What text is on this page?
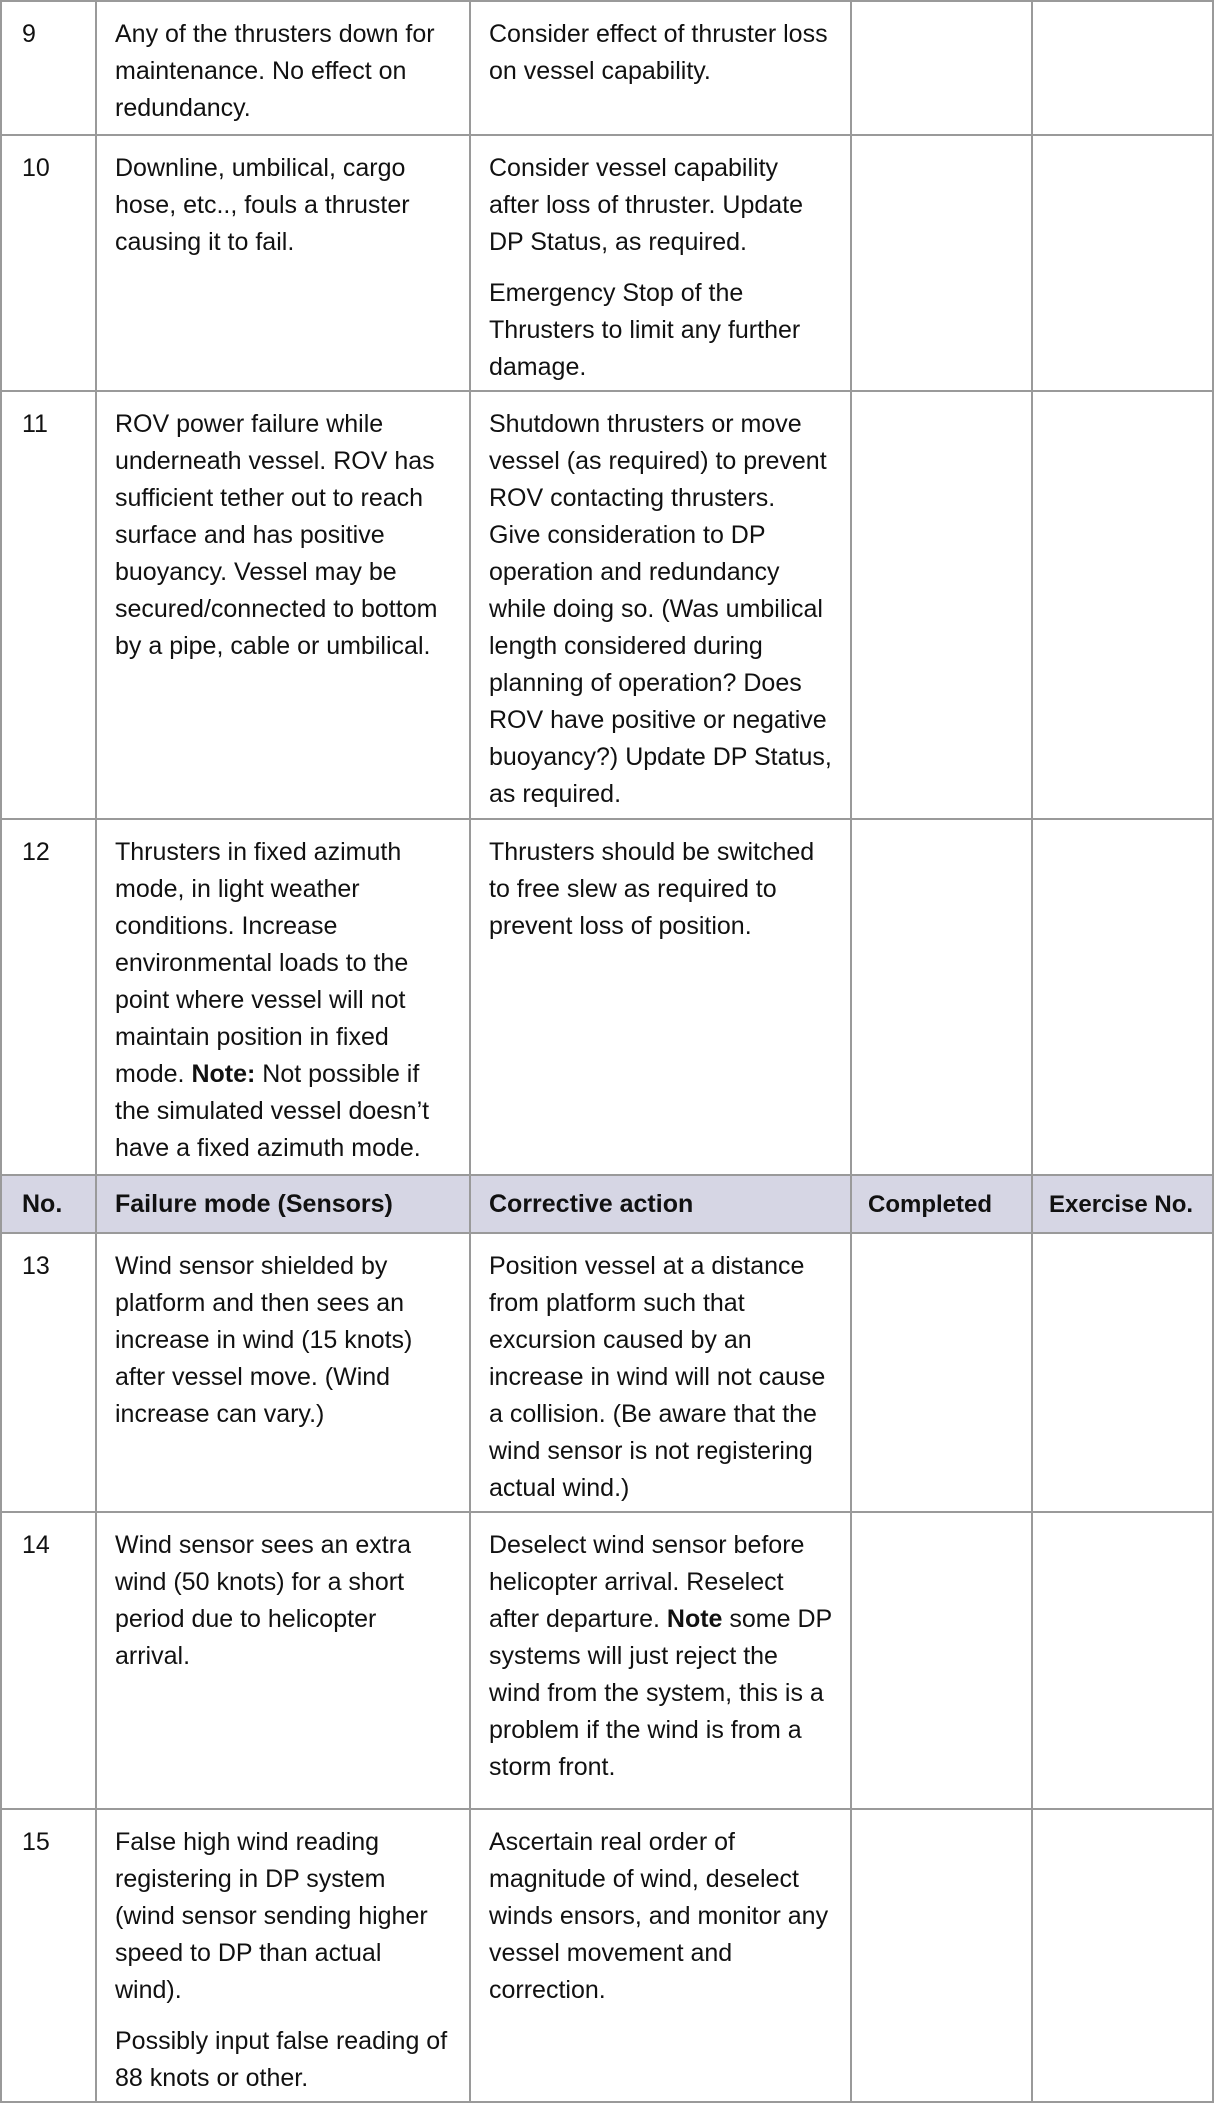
9	Any of the thrusters down for maintenance. No effect on redundancy.	Consider effect of thruster loss on vessel capability.		

10	Downline, umbilical, cargo hose, etc.., fouls a thruster causing it to fail.	Consider vessel capability after loss of thruster. Update DP Status, as required.
Emergency Stop of the Thrusters to limit any further damage.		

11	ROV power failure while underneath vessel. ROV has sufficient tether out to reach surface and has positive buoyancy. Vessel may be secured/connected to bottom by a pipe, cable or umbilical.	Shutdown thrusters or move vessel (as required) to prevent ROV contacting thrusters. Give consideration to DP operation and redundancy while doing so. (Was umbilical length considered during planning of operation? Does ROV have positive or negative buoyancy?) Update DP Status, as required.		

12	Thrusters in fixed azimuth mode, in light weather conditions. Increase environmental loads to the point where vessel will not maintain position in fixed mode. Note: Not possible if the simulated vessel doesn’t have a fixed azimuth mode.	Thrusters should be switched to free slew as required to prevent loss of position.		

No.	Failure mode (Sensors)	Corrective action	Completed	Exercise No.
13	Wind sensor shielded by platform and then sees an increase in wind (15 knots) after vessel move. (Wind increase can vary.)	Position vessel at a distance from platform such that excursion caused by an increase in wind will not cause a collision. (Be aware that the wind sensor is not registering actual wind.)		

14	Wind sensor sees an extra wind (50 knots) for a short period due to helicopter arrival.	Deselect wind sensor before helicopter arrival. Reselect after departure. Note some DP systems will just reject the wind from the system, this is a problem if the wind is from a storm front.		

15	False high wind reading registering in DP system (wind sensor sending higher speed to DP than actual wind).
Possibly input false reading of 88 knots or other.	Ascertain real order of magnitude of wind, deselect winds ensors, and monitor any vessel movement and correction.		
